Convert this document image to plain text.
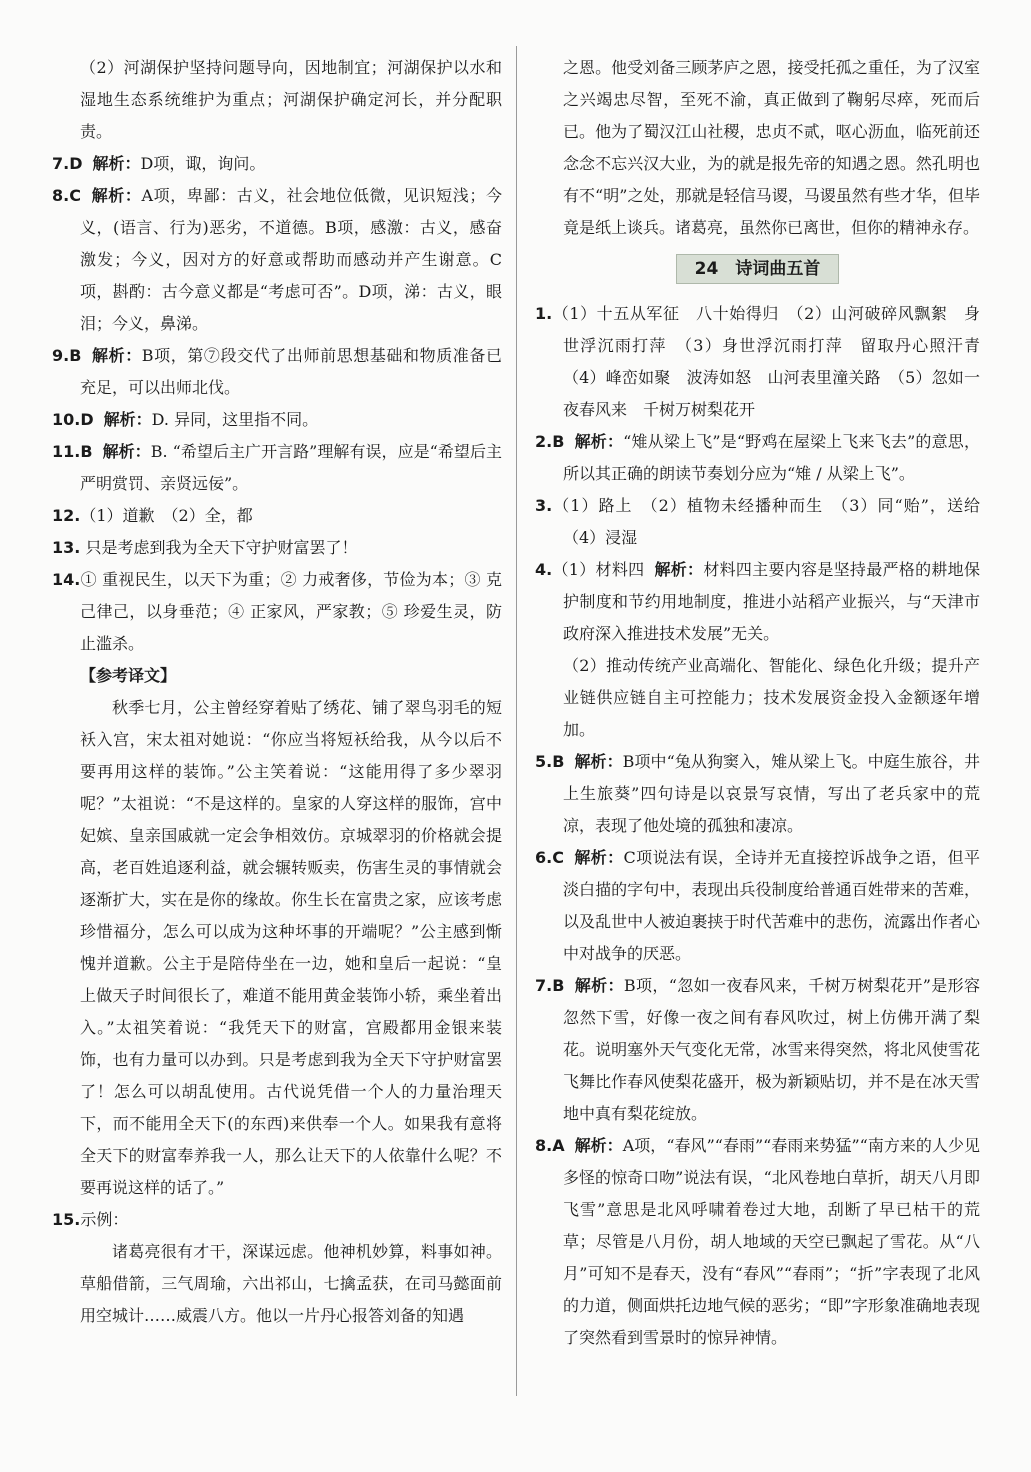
（2）河湖保护坚持问题导向，因地制宜；河湖保护以水和湿地生态系统维护为重点；河湖保护确定河长，并分配职责。

7.D 解析：D项，诹，询问。

8.C 解析：A项，卑鄙：古义，社会地位低微，见识短浅；今义，(语言、行为)恶劣，不道德。B项，感激：古义，感奋激发；今义，因对方的好意或帮助而感动并产生谢意。C项，斟酌：古今意义都是“考虑可否”。D项，涕：古义，眼泪；今义，鼻涕。

9.B 解析：B项，第⑦段交代了出师前思想基础和物质准备已充足，可以出师北伐。

10.D 解析：D. 异同，这里指不同。

11.B 解析：B. “希望后主广开言路”理解有误，应是“希望后主严明赏罚、亲贤远佞”。

12.（1）道歉　（2）全，都

13. 只是考虑到我为全天下守护财富罢了！

14.① 重视民生，以天下为重；② 力戒奢侈，节俭为本；③ 克己律己，以身垂范；④ 正家风，严家教；⑤ 珍爱生灵，防止滥杀。

【参考译文】

秋季七月，公主曾经穿着贴了绣花、铺了翠鸟羽毛的短袄入宫，宋太祖对她说：“你应当将短袄给我，从今以后不要再用这样的装饰。”公主笑着说：“这能用得了多少翠羽呢？”太祖说：“不是这样的。皇家的人穿这样的服饰，宫中妃嫔、皇亲国戚就一定会争相效仿。京城翠羽的价格就会提高，老百姓追逐利益，就会辗转贩卖，伤害生灵的事情就会逐渐扩大，实在是你的缘故。你生长在富贵之家，应该考虑珍惜福分，怎么可以成为这种坏事的开端呢？”公主感到惭愧并道歉。公主于是陪侍坐在一边，她和皇后一起说：“皇上做天子时间很长了，难道不能用黄金装饰小轿，乘坐着出入。”太祖笑着说：“我凭天下的财富，宫殿都用金银来装饰，也有力量可以办到。只是考虑到我为全天下守护财富罢了！怎么可以胡乱使用。古代说凭借一个人的力量治理天下，而不能用全天下(的东西)来供奉一个人。如果我有意将全天下的财富奉养我一人，那么让天下的人依靠什么呢？不要再说这样的话了。”

15.示例：

诸葛亮很有才干，深谋远虑。他神机妙算，料事如神。草船借箭，三气周瑜，六出祁山，七擒孟获，在司马懿面前用空城计……威震八方。他以一片丹心报答刘备的知遇

之恩。他受刘备三顾茅庐之恩，接受托孤之重任，为了汉室之兴竭忠尽智，至死不渝，真正做到了鞠躬尽瘁，死而后已。他为了蜀汉江山社稷，忠贞不贰，呕心沥血，临死前还念念不忘兴汉大业，为的就是报先帝的知遇之恩。然孔明也有不“明”之处，那就是轻信马谡，马谡虽然有些才华，但毕竟是纸上谈兵。诸葛亮，虽然你已离世，但你的精神永存。

24　诗词曲五首

1.（1）十五从军征　八十始得归　（2）山河破碎风飘絮　身世浮沉雨打萍　（3）身世浮沉雨打萍　留取丹心照汗青　（4）峰峦如聚　波涛如怒　山河表里潼关路　（5）忽如一夜春风来　千树万树梨花开

2.B 解析：“雉从梁上飞”是“野鸡在屋梁上飞来飞去”的意思，所以其正确的朗读节奏划分应为“雉 / 从梁上飞”。

3.（1）路上　（2）植物未经播种而生　（3）同“贻”，送给　（4）浸湿

4.（1）材料四 解析：材料四主要内容是坚持最严格的耕地保护制度和节约用地制度，推进小站稻产业振兴，与“天津市政府深入推进技术发展”无关。

（2）推动传统产业高端化、智能化、绿色化升级；提升产业链供应链自主可控能力；技术发展资金投入金额逐年增加。

5.B 解析：B项中“兔从狗窦入，雉从梁上飞。中庭生旅谷，井上生旅葵”四句诗是以哀景写哀情，写出了老兵家中的荒凉，表现了他处境的孤独和凄凉。

6.C 解析：C项说法有误，全诗并无直接控诉战争之语，但平淡白描的字句中，表现出兵役制度给普通百姓带来的苦难，以及乱世中人被迫裹挟于时代苦难中的悲伤，流露出作者心中对战争的厌恶。

7.B 解析：B项，“忽如一夜春风来，千树万树梨花开”是形容忽然下雪，好像一夜之间有春风吹过，树上仿佛开满了梨花。说明塞外天气变化无常，冰雪来得突然，将北风使雪花飞舞比作春风使梨花盛开，极为新颖贴切，并不是在冰天雪地中真有梨花绽放。

8.A 解析：A项，“春风”“春雨”“春雨来势猛”“南方来的人少见多怪的惊奇口吻”说法有误，“北风卷地白草折，胡天八月即飞雪”意思是北风呼啸着卷过大地，刮断了早已枯干的荒草；尽管是八月份，胡人地域的天空已飘起了雪花。从“八月”可知不是春天，没有“春风”“春雨”；“折”字表现了北风的力道，侧面烘托边地气候的恶劣；“即”字形象准确地表现了突然看到雪景时的惊异神情。
